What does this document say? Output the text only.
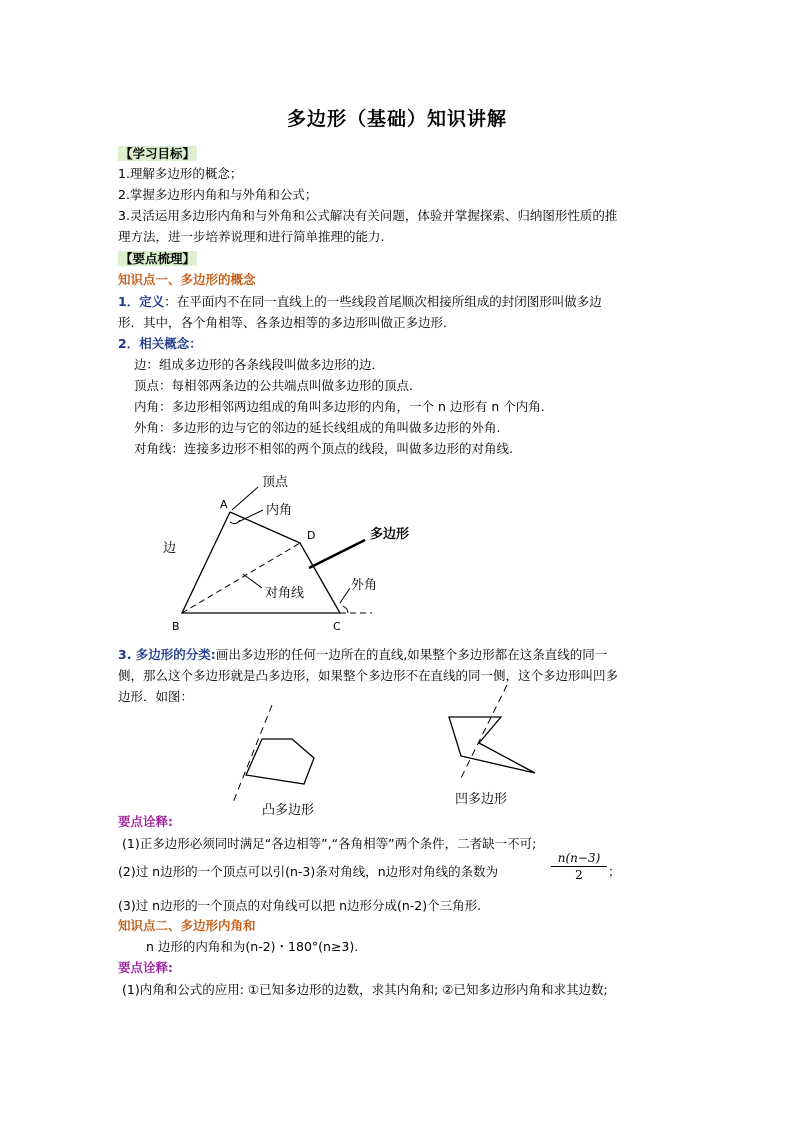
多边形（基础）知识讲解
【学习目标】
1.理解多边形的概念；
2.掌握多边形内角和与外角和公式；
3.灵活运用多边形内角和与外角和公式解决有关问题，体验并掌握探索、归纳图形性质的推
理方法，进一步培养说理和进行简单推理的能力.
【要点梳理】
知识点一、多边形的概念
1．定义：在平面内不在同一直线上的一些线段首尾顺次相接所组成的封闭图形叫做多边
形．其中，各个角相等、各条边相等的多边形叫做正多边形．
2．相关概念：
边：组成多边形的各条线段叫做多边形的边．
顶点：每相邻两条边的公共端点叫做多边形的顶点．
内角：多边形相邻两边组成的角叫多边形的内角，一个 n 边形有 n 个内角.
外角：多边形的边与它的邻边的延长线组成的角叫做多边形的外角.
对角线：连接多边形不相邻的两个顶点的线段，叫做多边形的对角线.
顶点
内角
边
多边形
对角线
外角
A
D
B	C
凸多边形
凹多边形
3. 多边形的分类:画出多边形的任何一边所在的直线,如果整个多边形都在这条直线的同一
侧，那么这个多边形就是凸多边形，如果整个多边形不在直线的同一侧，这个多边形叫凹多
边形．如图：
要点诠释:
(1)正多边形必须同时满足“各边相等”,“各角相等”两个条件，二者缺一不可;
(2)过 n边形的一个顶点可以引(n-3)条对角线，n边形对角线的条数为	$\frac{n(n-3)}{2}$ ；
(3)过 n边形的一个顶点的对角线可以把 n边形分成(n-2)个三角形.
知识点二、多边形内角和
n 边形的内角和为(n-2)・180°(n≥3).
要点诠释:
(1)内角和公式的应用: ①已知多边形的边数，求其内角和; ②已知多边形内角和求其边数;
